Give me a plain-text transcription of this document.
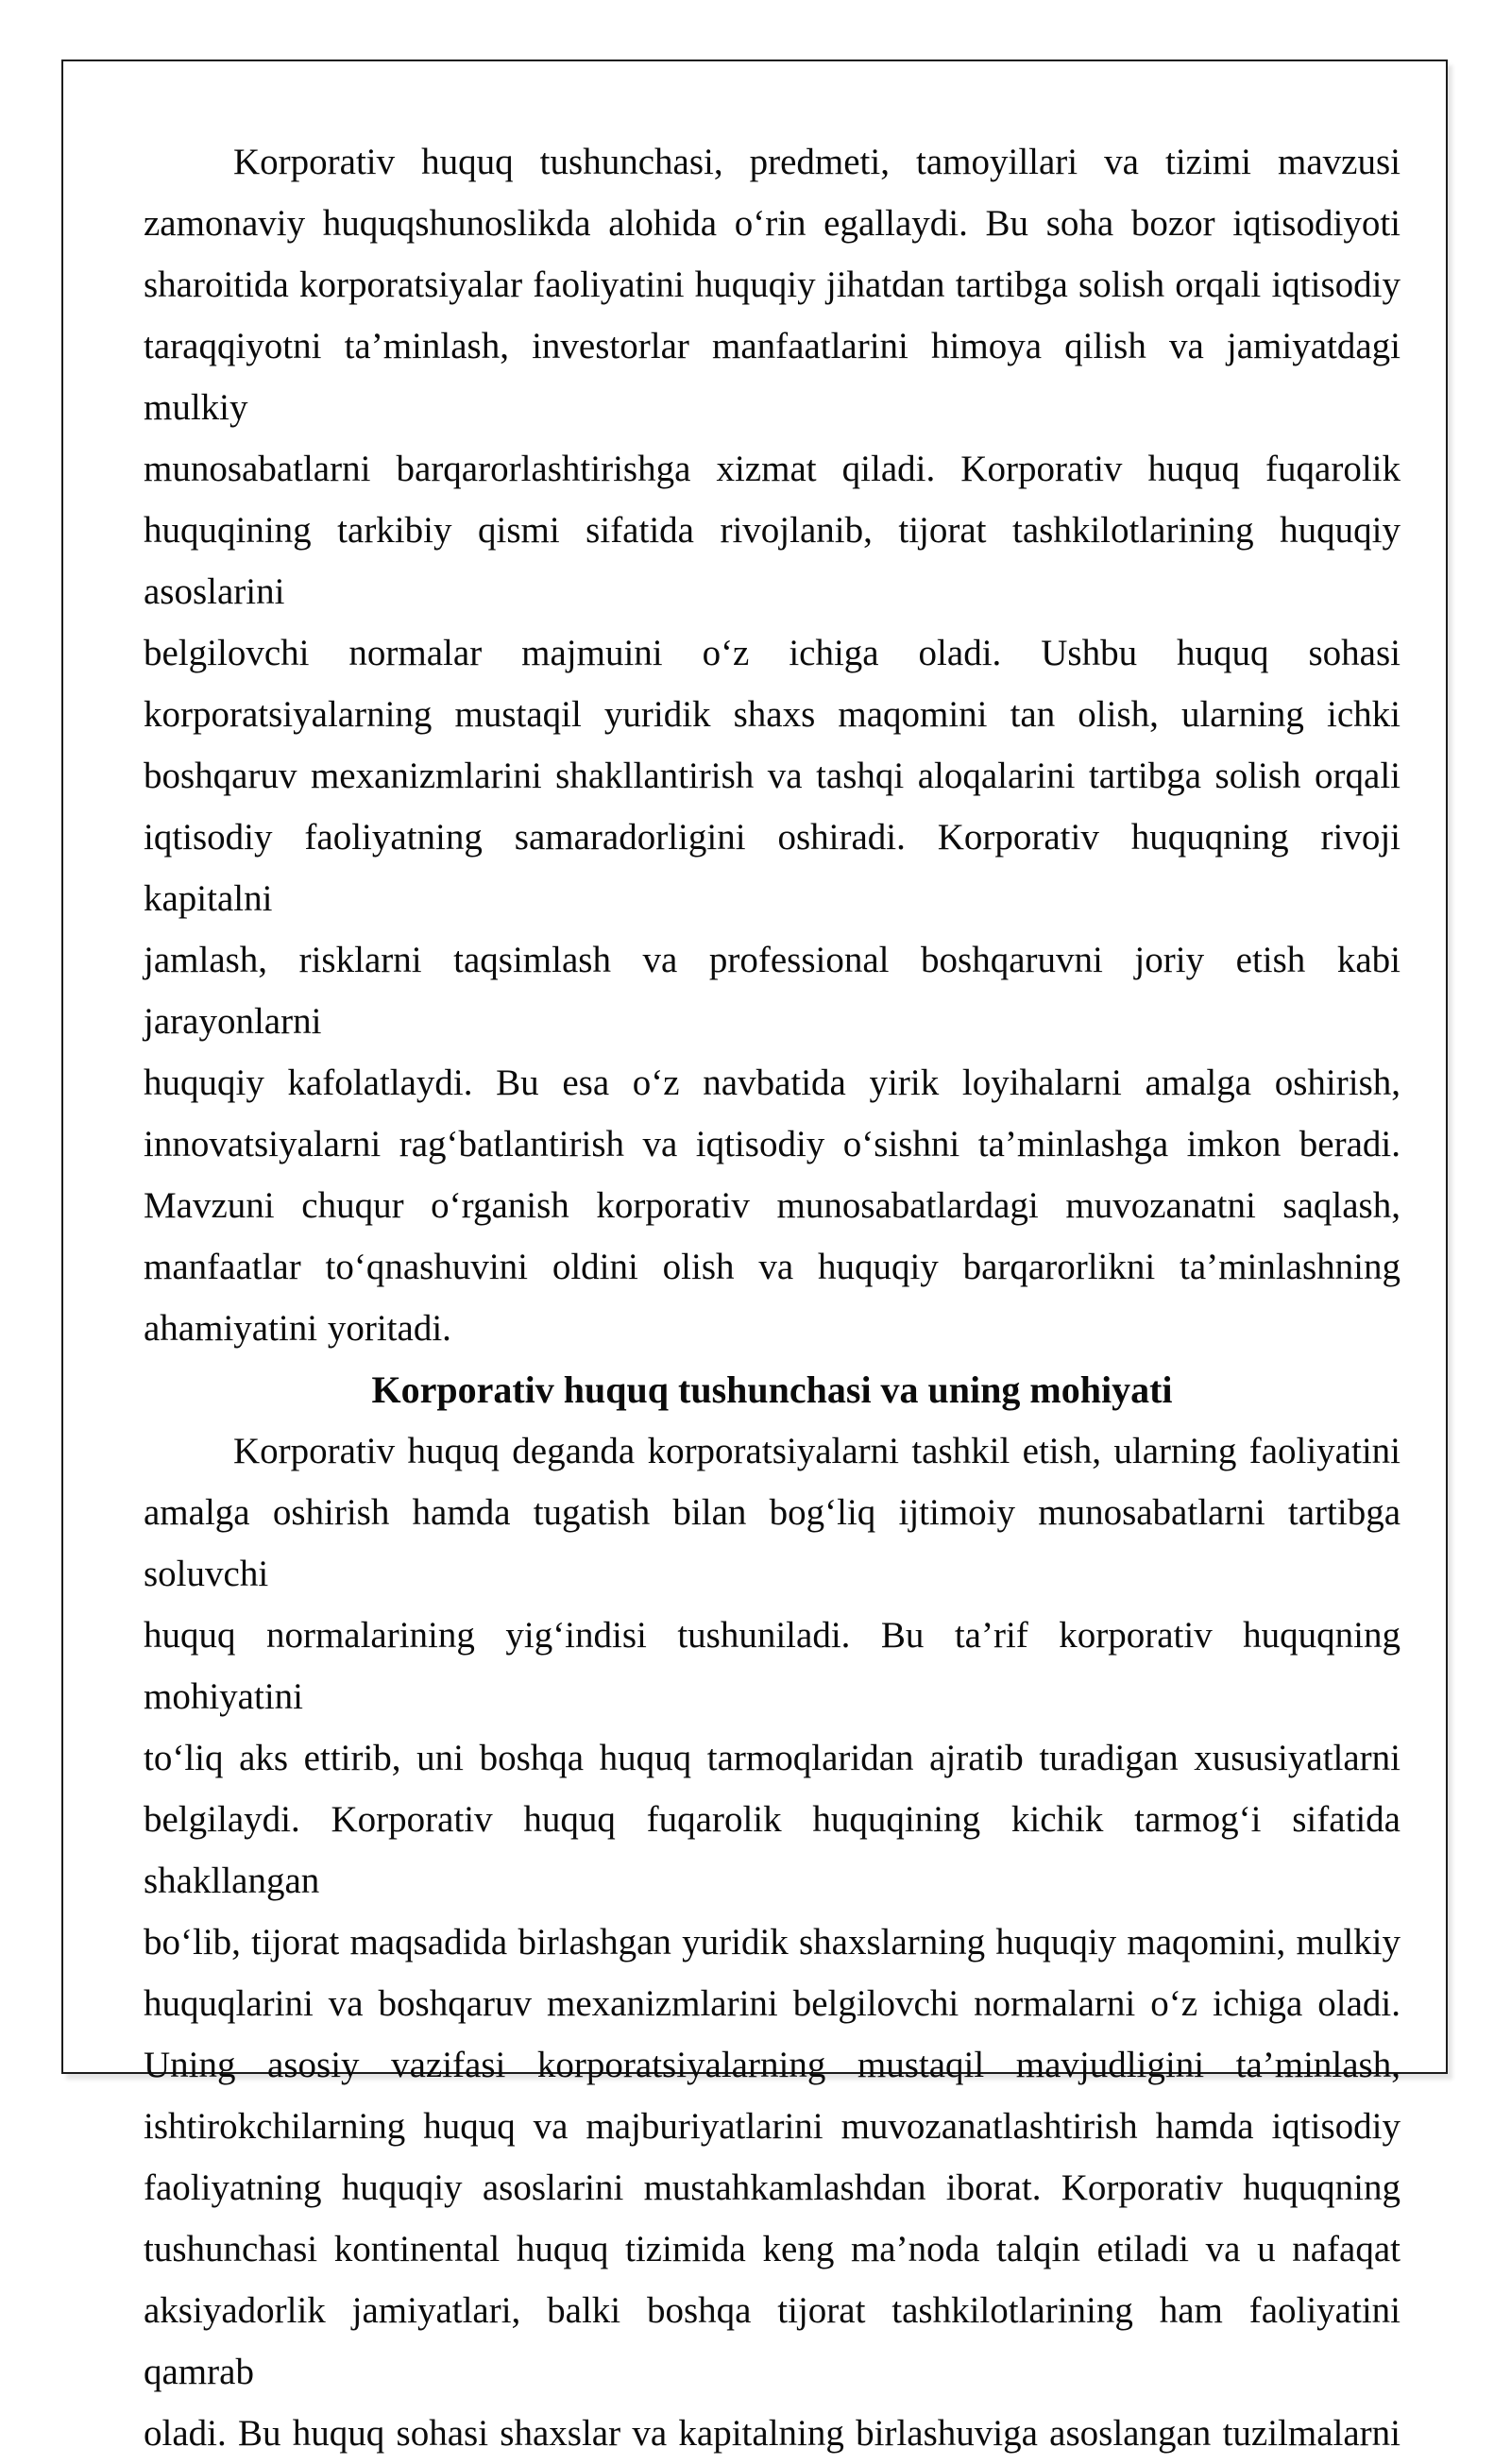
Korporativ huquq tushunchasi, predmeti, tamoyillari va tizimi mavzusi
zamonaviy huquqshunoslikda alohida o‘rin egallaydi. Bu soha bozor iqtisodiyoti
sharoitida korporatsiyalar faoliyatini huquqiy jihatdan tartibga solish orqali iqtisodiy
taraqqiyotni ta’minlash, investorlar manfaatlarini himoya qilish va jamiyatdagi mulkiy
munosabatlarni barqarorlashtirishga xizmat qiladi. Korporativ huquq fuqarolik
huquqining tarkibiy qismi sifatida rivojlanib, tijorat tashkilotlarining huquqiy asoslarini
belgilovchi normalar majmuini o‘z ichiga oladi. Ushbu huquq sohasi
korporatsiyalarning mustaqil yuridik shaxs maqomini tan olish, ularning ichki
boshqaruv mexanizmlarini shakllantirish va tashqi aloqalarini tartibga solish orqali
iqtisodiy faoliyatning samaradorligini oshiradi. Korporativ huquqning rivoji kapitalni
jamlash, risklarni taqsimlash va professional boshqaruvni joriy etish kabi jarayonlarni
huquqiy kafolatlaydi. Bu esa o‘z navbatida yirik loyihalarni amalga oshirish,
innovatsiyalarni rag‘batlantirish va iqtisodiy o‘sishni ta’minlashga imkon beradi.
Mavzuni chuqur o‘rganish korporativ munosabatlardagi muvozanatni saqlash,
manfaatlar to‘qnashuvini oldini olish va huquqiy barqarorlikni ta’minlashning
ahamiyatini yoritadi.
Korporativ huquq tushunchasi va uning mohiyati
Korporativ huquq deganda korporatsiyalarni tashkil etish, ularning faoliyatini
amalga oshirish hamda tugatish bilan bog‘liq ijtimoiy munosabatlarni tartibga soluvchi
huquq normalarining yig‘indisi tushuniladi. Bu ta’rif korporativ huquqning mohiyatini
to‘liq aks ettirib, uni boshqa huquq tarmoqlaridan ajratib turadigan xususiyatlarni
belgilaydi. Korporativ huquq fuqarolik huquqining kichik tarmog‘i sifatida shakllangan
bo‘lib, tijorat maqsadida birlashgan yuridik shaxslarning huquqiy maqomini, mulkiy
huquqlarini va boshqaruv mexanizmlarini belgilovchi normalarni o‘z ichiga oladi.
Uning asosiy vazifasi korporatsiyalarning mustaqil mavjudligini ta’minlash,
ishtirokchilarning huquq va majburiyatlarini muvozanatlashtirish hamda iqtisodiy
faoliyatning huquqiy asoslarini mustahkamlashdan iborat. Korporativ huquqning
tushunchasi kontinental huquq tizimida keng ma’noda talqin etiladi va u nafaqat
aksiyadorlik jamiyatlari, balki boshqa tijorat tashkilotlarining ham faoliyatini qamrab
oladi. Bu huquq sohasi shaxslar va kapitalning birlashuviga asoslangan tuzilmalarni
